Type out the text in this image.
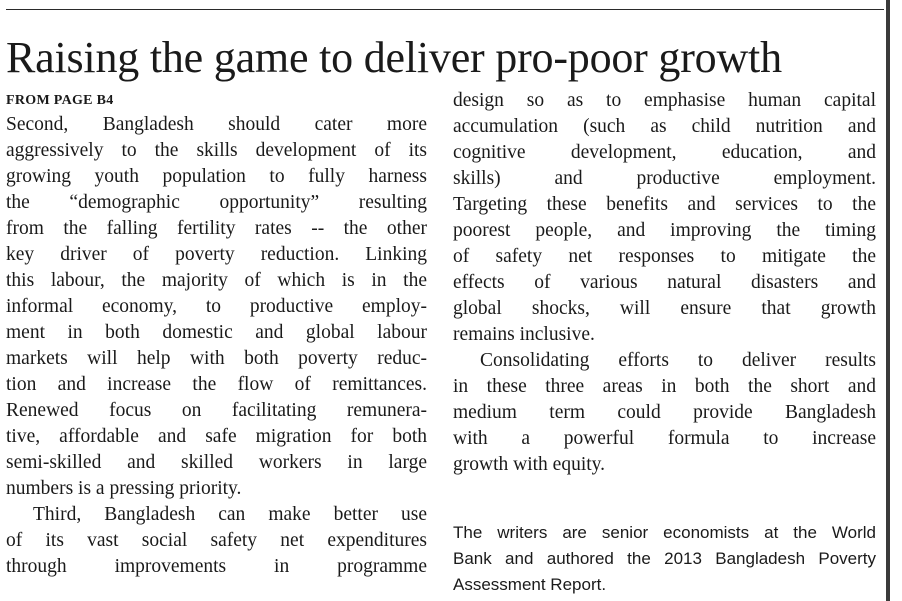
Raising the game to deliver pro-poor growth
FROM PAGE B4
Second, Bangladesh should cater more
aggressively to the skills development of its
growing youth population to fully harness
the “demographic opportunity” resulting
from the falling fertility rates -- the other
key driver of poverty reduction. Linking
this labour, the majority of which is in the
informal economy, to productive employ-
ment in both domestic and global labour
markets will help with both poverty reduc-
tion and increase the flow of remittances.
Renewed focus on facilitating remunera-
tive, affordable and safe migration for both
semi-skilled and skilled workers in large
numbers is a pressing priority.
Third, Bangladesh can make better use
of its vast social safety net expenditures
through improvements in programme
design so as to emphasise human capital
accumulation (such as child nutrition and
cognitive development, education, and
skills) and productive employment.
Targeting these benefits and services to the
poorest people, and improving the timing
of safety net responses to mitigate the
effects of various natural disasters and
global shocks, will ensure that growth
remains inclusive.
Consolidating efforts to deliver results
in these three areas in both the short and
medium term could provide Bangladesh
with a powerful formula to increase
growth with equity.
The writers are senior economists at the World
Bank and authored the 2013 Bangladesh Poverty
Assessment Report.
